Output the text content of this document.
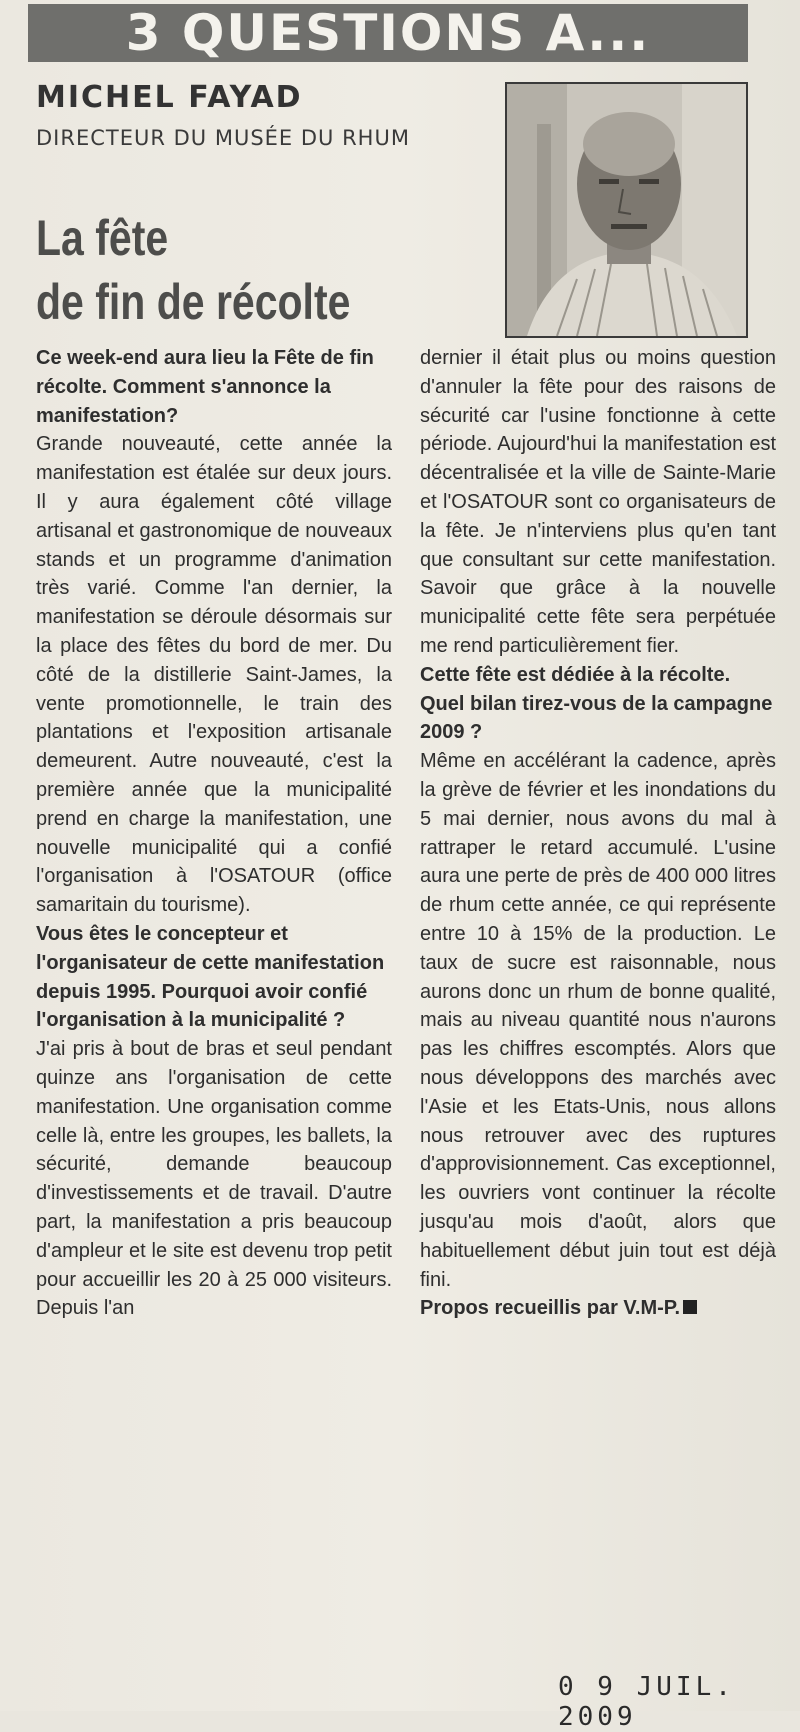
3 QUESTIONS A...
MICHEL FAYAD
DIRECTEUR DU MUSÉE DU RHUM
La fête
de fin de récolte

Ce week-end aura lieu la Fête de fin récolte. Comment s'annonce la manifestation?

Grande nouveauté, cette année la manifestation est étalée sur deux jours. Il y aura également côté village artisanal et gastronomique de nouveaux stands et un programme d'animation très varié. Comme l'an dernier, la manifestation se déroule désormais sur la place des fêtes du bord de mer. Du côté de la distillerie Saint-James, la vente promotionnelle, le train des plantations et l'exposition artisanale demeurent. Autre nouveauté, c'est la première année que la municipalité prend en charge la manifestation, une nouvelle municipalité qui a confié l'organisation à l'OSATOUR (office samaritain du tourisme).

Vous êtes le concepteur et l'organisateur de cette manifestation depuis 1995. Pourquoi avoir confié l'organisation à la municipalité ?

J'ai pris à bout de bras et seul pendant quinze ans l'organisation de cette manifestation. Une organisation comme celle là, entre les groupes, les ballets, la sécurité, demande beaucoup d'investissements et de travail. D'autre part, la manifestation a pris beaucoup d'ampleur et le site est devenu trop petit pour accueillir les 20 à 25 000 visiteurs. Depuis l'an

dernier il était plus ou moins question d'annuler la fête pour des raisons de sécurité car l'usine fonctionne à cette période. Aujourd'hui la manifestation est décentralisée et la ville de Sainte-Marie et l'OSATOUR sont co organisateurs de la fête. Je n'interviens plus qu'en tant que consultant sur cette manifestation. Savoir que grâce à la nouvelle municipalité cette fête sera perpétuée me rend particulièrement fier.

Cette fête est dédiée à la récolte. Quel bilan tirez-vous de la campagne 2009 ?

Même en accélérant la cadence, après la grève de février et les inondations du 5 mai dernier, nous avons du mal à rattraper le retard accumulé. L'usine aura une perte de près de 400 000 litres de rhum cette année, ce qui représente entre 10 à 15% de la production. Le taux de sucre est raisonnable, nous aurons donc un rhum de bonne qualité, mais au niveau quantité nous n'aurons pas les chiffres escomptés. Alors que nous développons des marchés avec l'Asie et les Etats-Unis, nous allons nous retrouver avec des ruptures d'approvisionnement. Cas exceptionnel, les ouvriers vont continuer la récolte jusqu'au mois d'août, alors que habituellement début juin tout est déjà fini.

Propos recueillis par V.M-P.

0 9 JUIL. 2009
